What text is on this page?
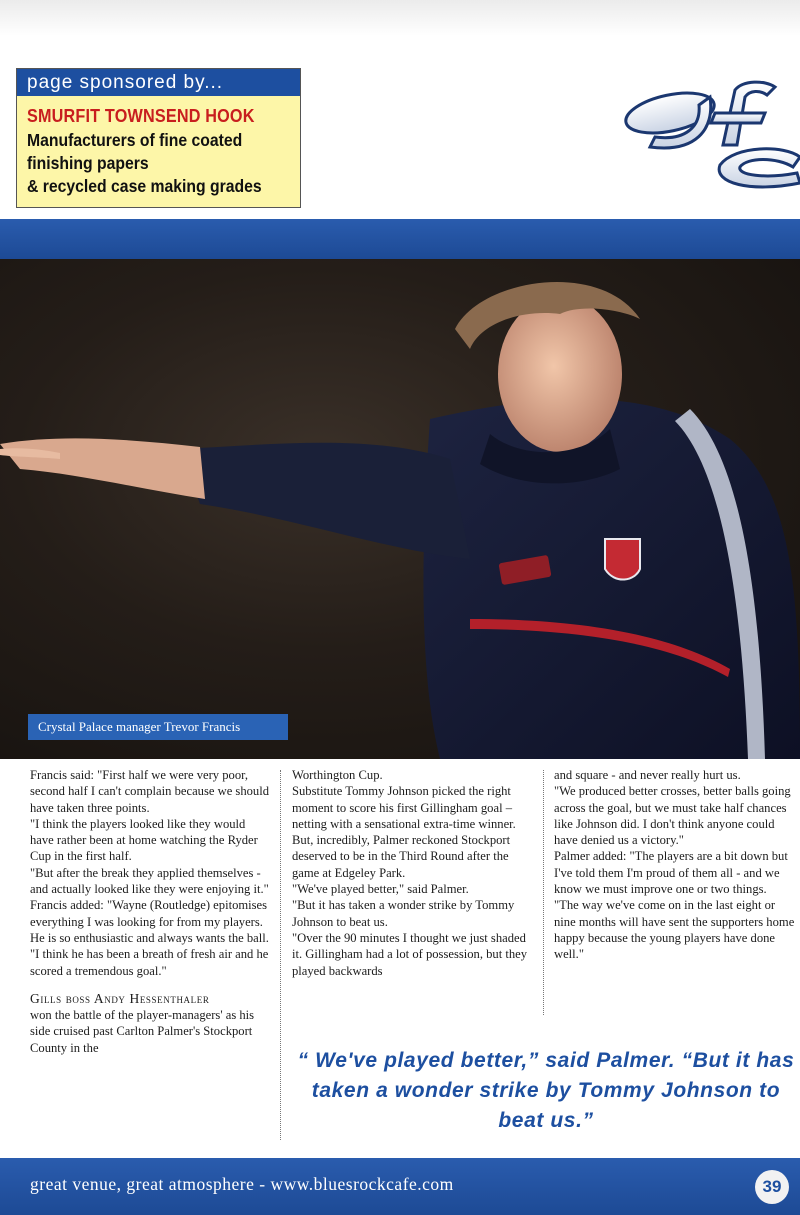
page sponsored by...
SMURFIT TOWNSEND HOOK
Manufacturers of fine coated
finishing papers
& recycled case making grades
gfc
Crystal Palace manager Trevor Francis

Francis said: "First half we were very poor, second half I can't complain because we should have taken three points.

"I think the players looked like they would have rather been at home watching the Ryder Cup in the first half.

"But after the break they applied themselves - and actually looked like they were enjoying it."

Francis added: "Wayne (Routledge) epitomises everything I was looking for from my players. He is so enthusiastic and always wants the ball.

"I think he has been a breath of fresh air and he scored a tremendous goal."

Gills boss Andy Hessenthaler
won the battle of the player-managers' as his side cruised past Carlton Palmer's Stockport County in the

Worthington Cup.

Substitute Tommy Johnson picked the right moment to score his first Gillingham goal – netting with a sensational extra-time winner.

But, incredibly, Palmer reckoned Stockport deserved to be in the Third Round after the game at Edgeley Park.

"We've played better," said Palmer.

"But it has taken a wonder strike by Tommy Johnson to beat us.

"Over the 90 minutes I thought we just shaded it. Gillingham had a lot of possession, but they played backwards

and square - and never really hurt us.

"We produced better crosses, better balls going across the goal, but we must take half chances like Johnson did. I don't think anyone could have denied us a victory."

Palmer added: "The players are a bit down but I've told them I'm proud of them all - and we know we must improve one or two things.

"The way we've come on in the last eight or nine months will have sent the supporters home happy because the young players have done well."

“ We've played better,” said Palmer. “But it has taken a wonder strike by Tommy Johnson to beat us.”
great venue, great atmosphere - www.bluesrockcafe.com	39
